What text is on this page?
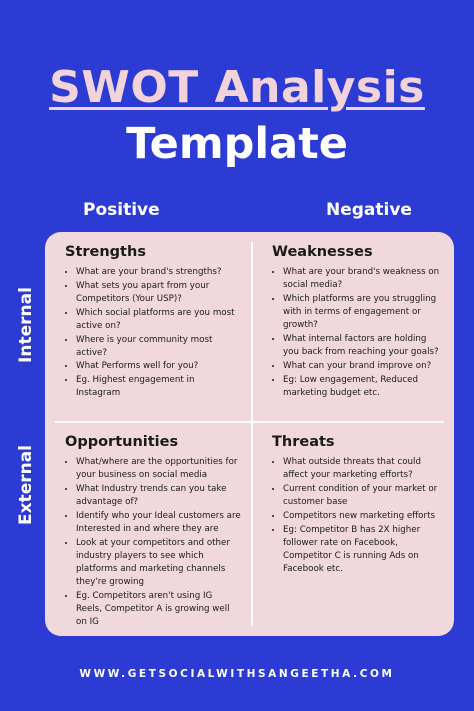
SWOT Analysis
Template
Positive	Negative
Internal
External
Strengths
• What are your brand's strengths?
• What sets you apart from your Competitors (Your USP)?
• Which social platforms are you most active on?
• Where is your community most active?
• What Performs well for you?
• Eg. Highest engagement in Instagram
Weaknesses
• What are your brand's weakness on social media?
• Which platforms are you struggling with in terms of engagement or growth?
• What internal factors are holding you back from reaching your goals?
• What can your brand improve on?
• Eg: Low engagement, Reduced marketing budget etc.
Opportunities
• What/where are the opportunities for your business on social media
• What Industry trends can you take advantage of?
• Identify who your Ideal customers are Interested in and where they are
• Look at your competitors and other industry players to see which platforms and marketing channels they're growing
• Eg. Competitors aren't using IG Reels, Competitor A is growing well on IG
Threats
• What outside threats that could affect your marketing efforts?
• Current condition of your market or customer base
• Competitors new marketing efforts
• Eg: Competitor B has 2X higher follower rate on Facebook, Competitor C is running Ads on Facebook etc.
WWW.GETSOCIALWITHSANGEETHA.COM
